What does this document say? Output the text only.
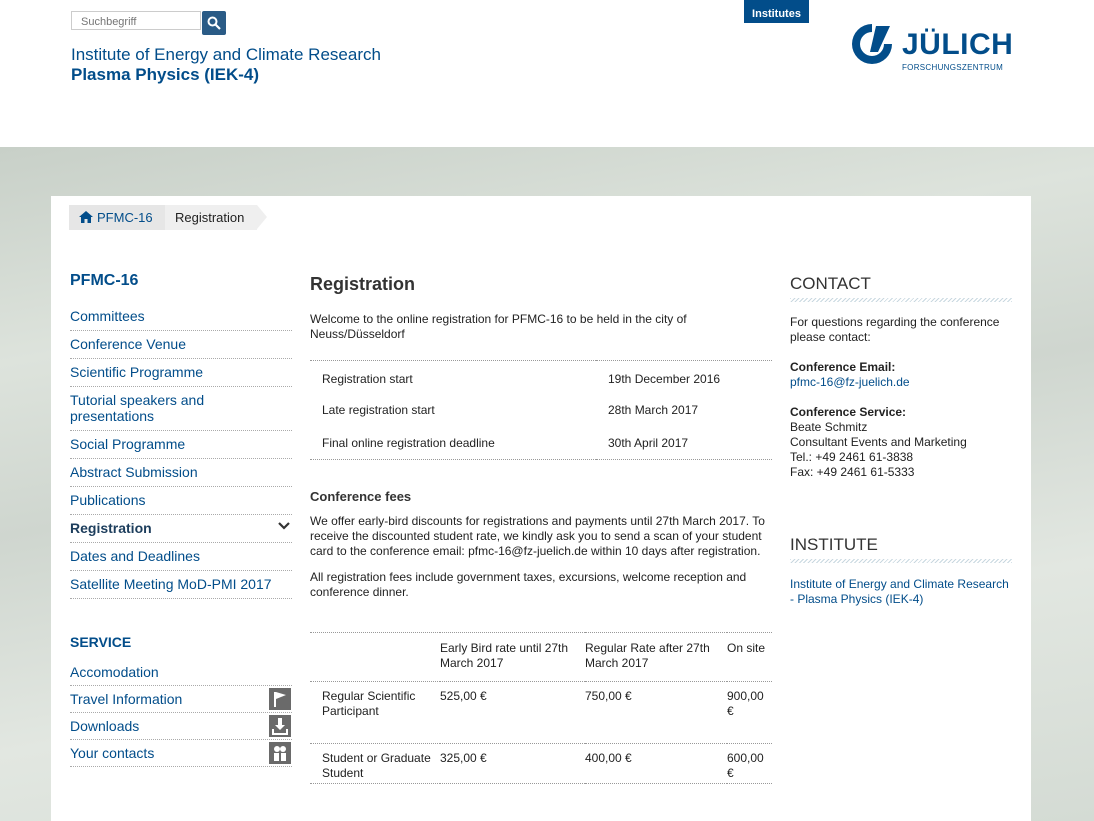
Suchbegriff
Institute of Energy and Climate Research
Plasma Physics (IEK-4)
Institutes
JÜLICH
FORSCHUNGSZENTRUM
PFMC-16	Registration
PFMC-16
Committees
Conference Venue
Scientific Programme
Tutorial speakers and presentations
Social Programme
Abstract Submission
Publications
Registration
Dates and Deadlines
Satellite Meeting MoD-PMI 2017
SERVICE
Accomodation
Travel Information
Downloads
Your contacts
Registration
Welcome to the online registration for PFMC-16 to be held in the city of Neuss/Düsseldorf
Registration start	19th December 2016
Late registration start	28th March 2017
Final online registration deadline	30th April 2017
Conference fees
We offer early-bird discounts for registrations and payments until 27th March 2017. To receive the discounted student rate, we kindly ask you to send a scan of your student card to the conference email: pfmc-16@fz-juelich.de within 10 days after registration.
All registration fees include government taxes, excursions, welcome reception and conference dinner.
	Early Bird rate until 27th March 2017	Regular Rate after 27th March 2017	On site
Regular Scientific Participant	525,00 €	750,00 €	900,00 €
Student or Graduate Student	325,00 €	400,00 €	600,00 €
CONTACT
For questions regarding the conference please contact:
Conference Email:
pfmc-16@fz-juelich.de
Conference Service:
Beate Schmitz
Consultant Events and Marketing
Tel.: +49 2461 61-3838
Fax: +49 2461 61-5333
INSTITUTE
Institute of Energy and Climate Research - Plasma Physics (IEK-4)
